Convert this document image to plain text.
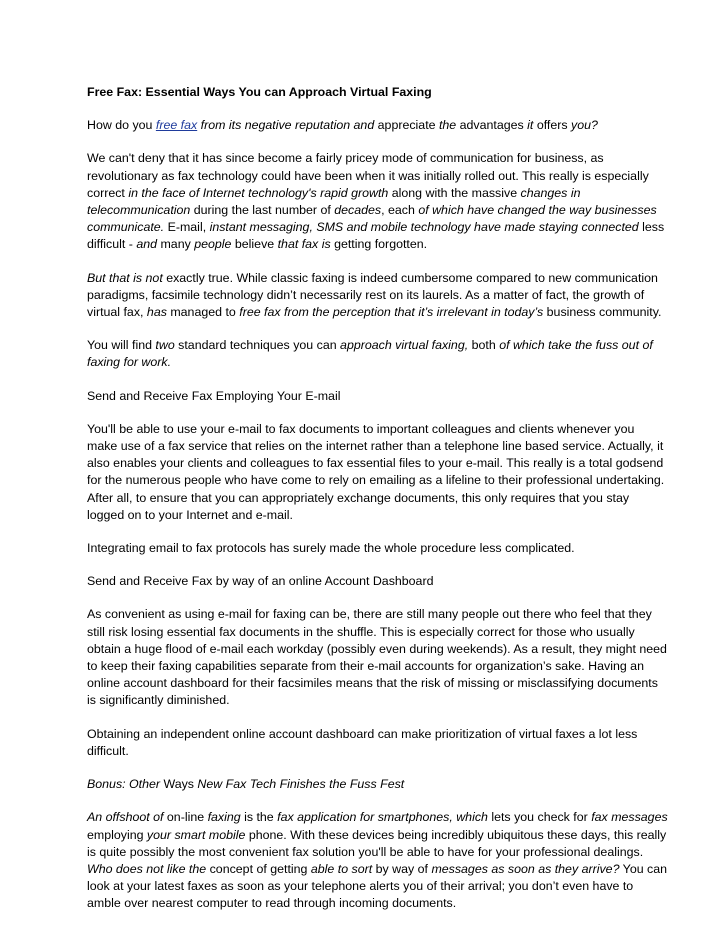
Free Fax: Essential Ways You can Approach Virtual Faxing

How do you free fax from its negative reputation and appreciate the advantages it offers you?

We can't deny that it has since become a fairly pricey mode of communication for business, as revolutionary as fax technology could have been when it was initially rolled out. This really is especially correct in the face of Internet technology's rapid growth along with the massive changes in telecommunication during the last number of decades, each of which have changed the way businesses communicate. E-mail, instant messaging, SMS and mobile technology have made staying connected less difficult - and many people believe that fax is getting forgotten.

But that is not exactly true. While classic faxing is indeed cumbersome compared to new communication paradigms, facsimile technology didn’t necessarily rest on its laurels. As a matter of fact, the growth of virtual fax, has managed to free fax from the perception that it’s irrelevant in today’s business community.

You will find two standard techniques you can approach virtual faxing, both of which take the fuss out of faxing for work.

Send and Receive Fax Employing Your E-mail

You'll be able to use your e-mail to fax documents to important colleagues and clients whenever you make use of a fax service that relies on the internet rather than a telephone line based service. Actually, it also enables your clients and colleagues to fax essential files to your e-mail. This really is a total godsend for the numerous people who have come to rely on emailing as a lifeline to their professional undertaking. After all, to ensure that you can appropriately exchange documents, this only requires that you stay logged on to your Internet and e-mail.

Integrating email to fax protocols has surely made the whole procedure less complicated.

Send and Receive Fax by way of an online Account Dashboard

As convenient as using e-mail for faxing can be, there are still many people out there who feel that they still risk losing essential fax documents in the shuffle. This is especially correct for those who usually obtain a huge flood of e-mail each workday (possibly even during weekends). As a result, they might need to keep their faxing capabilities separate from their e-mail accounts for organization’s sake. Having an online account dashboard for their facsimiles means that the risk of missing or misclassifying documents is significantly diminished.

Obtaining an independent online account dashboard can make prioritization of virtual faxes a lot less difficult.

Bonus: Other Ways New Fax Tech Finishes the Fuss Fest

An offshoot of on-line faxing is the fax application for smartphones, which lets you check for fax messages employing your smart mobile phone. With these devices being incredibly ubiquitous these days, this really is quite possibly the most convenient fax solution you'll be able to have for your professional dealings. Who does not like the concept of getting able to sort by way of messages as soon as they arrive? You can look at your latest faxes as soon as your telephone alerts you of their arrival; you don’t even have to amble over nearest computer to read through incoming documents.
